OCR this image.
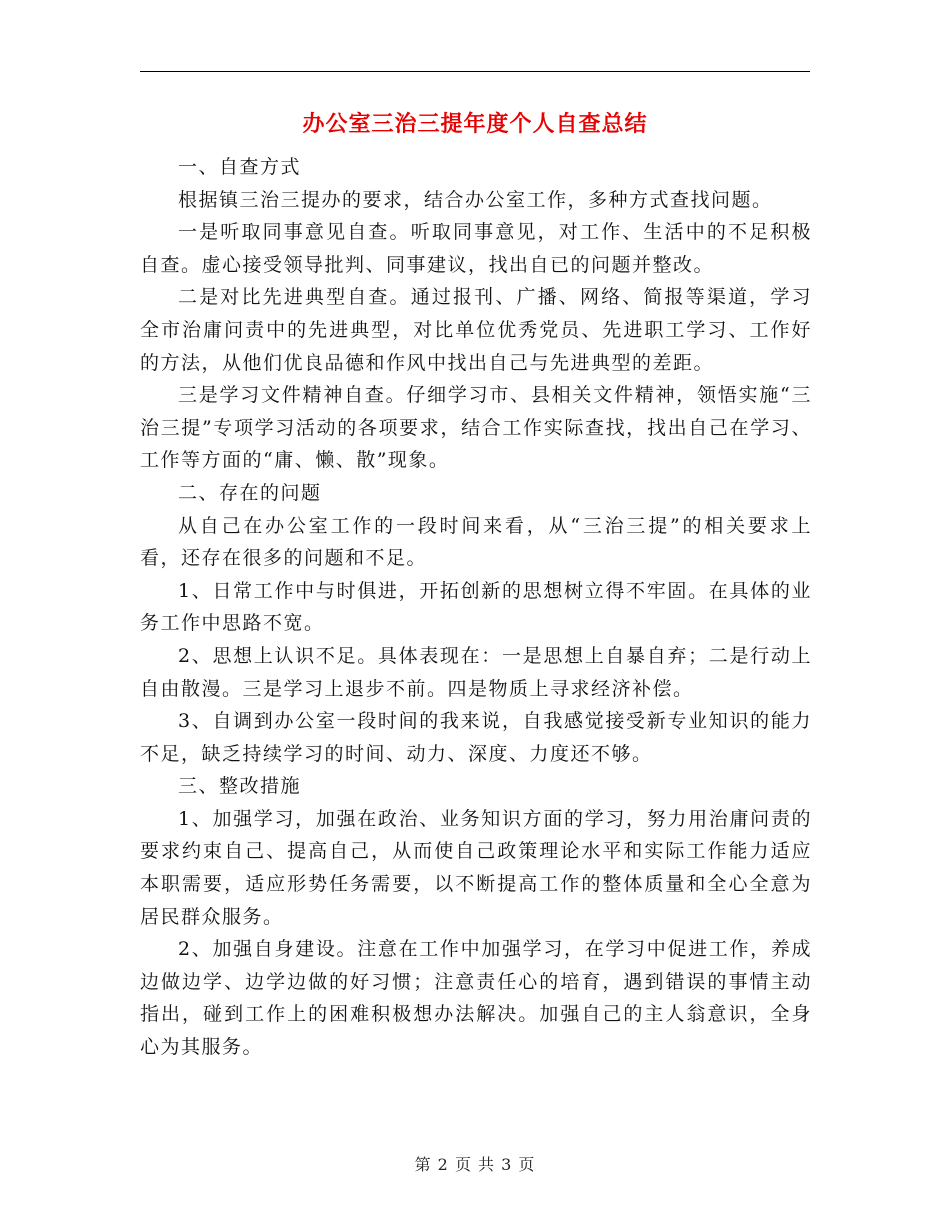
办公室三治三提年度个人自查总结

一、自查方式

根据镇三治三提办的要求，结合办公室工作，多种方式查找问题。

一是听取同事意见自查。听取同事意见，对工作、生活中的不足积极自查。虚心接受领导批判、同事建议，找出自已的问题并整改。

二是对比先进典型自查。通过报刊、广播、网络、简报等渠道，学习全市治庸问责中的先进典型，对比单位优秀党员、先进职工学习、工作好的方法，从他们优良品德和作风中找出自己与先进典型的差距。

三是学习文件精神自查。仔细学习市、县相关文件精神，领悟实施“三治三提”专项学习活动的各项要求，结合工作实际查找，找出自己在学习、工作等方面的“庸、懒、散”现象。

二、存在的问题

从自己在办公室工作的一段时间来看，从“三治三提”的相关要求上看，还存在很多的问题和不足。

1、日常工作中与时俱进，开拓创新的思想树立得不牢固。在具体的业务工作中思路不宽。

2、思想上认识不足。具体表现在：一是思想上自暴自弃；二是行动上自由散漫。三是学习上退步不前。四是物质上寻求经济补偿。

3、自调到办公室一段时间的我来说，自我感觉接受新专业知识的能力不足，缺乏持续学习的时间、动力、深度、力度还不够。

三、整改措施

1、加强学习，加强在政治、业务知识方面的学习，努力用治庸问责的要求约束自己、提高自己，从而使自己政策理论水平和实际工作能力适应本职需要，适应形势任务需要，以不断提高工作的整体质量和全心全意为居民群众服务。

2、加强自身建设。注意在工作中加强学习，在学习中促进工作，养成边做边学、边学边做的好习惯；注意责任心的培育，遇到错误的事情主动指出，碰到工作上的困难积极想办法解决。加强自己的主人翁意识，全身心为其服务。

第 2 页 共 3 页
